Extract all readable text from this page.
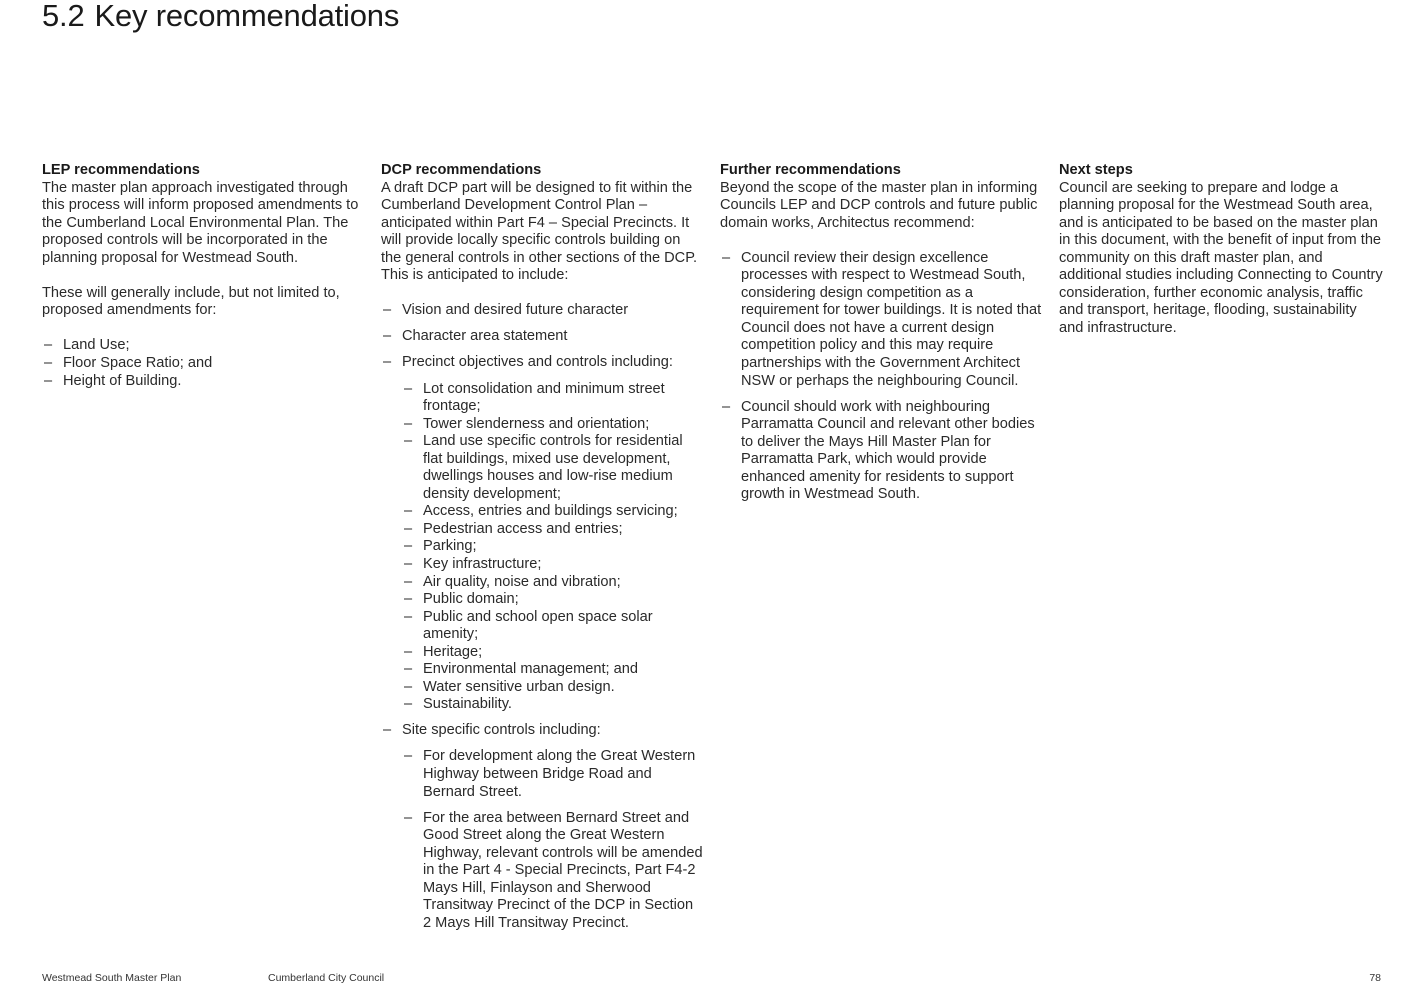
5.2 Key recommendations
LEP recommendations

The master plan approach investigated through this process will inform proposed amendments to the Cumberland Local Environmental Plan. The proposed controls will be incorporated in the planning proposal for Westmead South.

These will generally include, but not limited to, proposed amendments for:

– Land Use;
– Floor Space Ratio; and
– Height of Building.
DCP recommendations

A draft DCP part will be designed to fit within the Cumberland Development Control Plan – anticipated within Part F4 – Special Precincts. It will provide locally specific controls building on the general controls in other sections of the DCP. This is anticipated to include:

– Vision and desired future character
– Character area statement
– Precinct objectives and controls including:
– Lot consolidation and minimum street frontage;
– Tower slenderness and orientation;
– Land use specific controls for residential flat buildings, mixed use development, dwellings houses and low-rise medium density development;
– Access, entries and buildings servicing;
– Pedestrian access and entries;
– Parking;
– Key infrastructure;
– Air quality, noise and vibration;
– Public domain;
– Public and school open space solar amenity;
– Heritage;
– Environmental management; and
– Water sensitive urban design.
– Sustainability.
– Site specific controls including:
– For development along the Great Western Highway between Bridge Road and Bernard Street.
– For the area between Bernard Street and Good Street along the Great Western Highway, relevant controls will be amended in the Part 4 - Special Precincts, Part F4-2 Mays Hill, Finlayson and Sherwood Transitway Precinct of the DCP in Section 2 Mays Hill Transitway Precinct.
Further recommendations

Beyond the scope of the master plan in informing Councils LEP and DCP controls and future public domain works, Architectus recommend:

– Council review their design excellence processes with respect to Westmead South, considering design competition as a requirement for tower buildings. It is noted that Council does not have a current design competition policy and this may require partnerships with the Government Architect NSW or perhaps the neighbouring Council.
– Council should work with neighbouring Parramatta Council and relevant other bodies to deliver the Mays Hill Master Plan for Parramatta Park, which would provide enhanced amenity for residents to support growth in Westmead South.
Next steps

Council are seeking to prepare and lodge a planning proposal for the Westmead South area, and is anticipated to be based on the master plan in this document, with the benefit of input from the community on this draft master plan, and additional studies including Connecting to Country consideration, further economic analysis, traffic and transport, heritage, flooding, sustainability and infrastructure.

Westmead South Master Plan	Cumberland City Council	78
